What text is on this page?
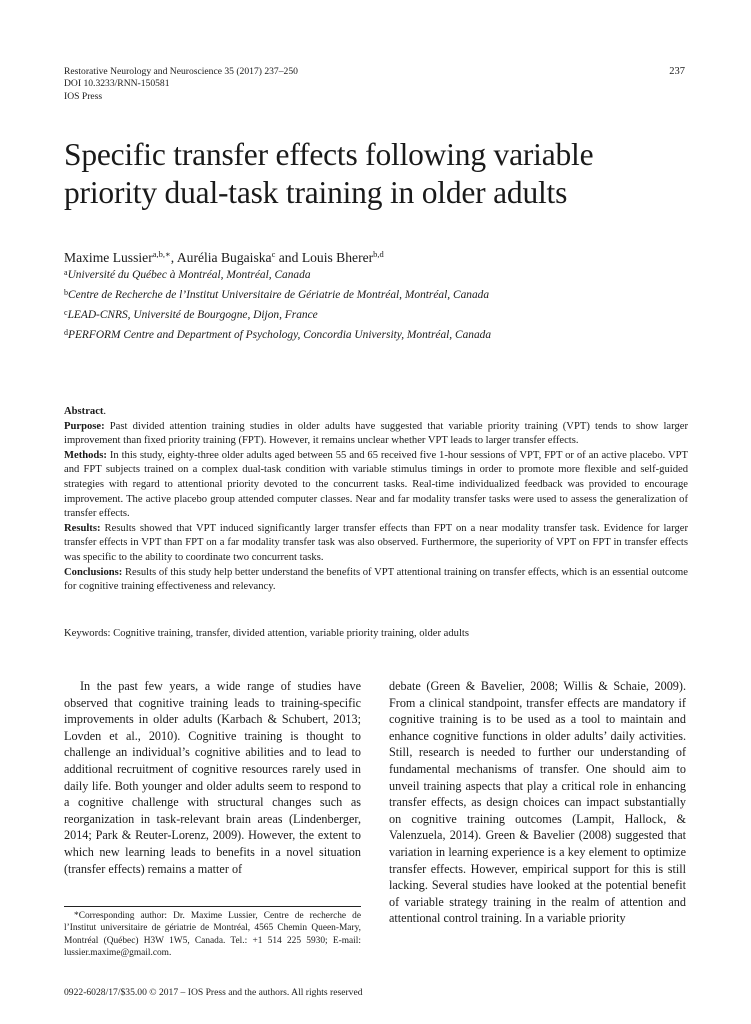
Restorative Neurology and Neuroscience 35 (2017) 237–250
DOI 10.3233/RNN-150581
IOS Press
237
Specific transfer effects following variable
priority dual-task training in older adults
Maxime Lussier$^{a,b,∗}$, Aurélia Bugaiska$^c$ and Louis Bherer$^{b,d}$
$^a$Université du Québec à Montréal, Montréal, Canada
$^b$Centre de Recherche de l’Institut Universitaire de Gériatrie de Montréal, Montréal, Canada
$^c$LEAD-CNRS, Université de Bourgogne, Dijon, France
$^d$PERFORM Centre and Department of Psychology, Concordia University, Montréal, Canada

Abstract.

Purpose: Past divided attention training studies in older adults have suggested that variable priority training (VPT) tends to show larger improvement than fixed priority training (FPT). However, it remains unclear whether VPT leads to larger transfer effects.

Methods: In this study, eighty-three older adults aged between 55 and 65 received five 1-hour sessions of VPT, FPT or of an active placebo. VPT and FPT subjects trained on a complex dual-task condition with variable stimulus timings in order to promote more flexible and self-guided strategies with regard to attentional priority devoted to the concurrent tasks. Real-time individualized feedback was provided to encourage improvement. The active placebo group attended computer classes. Near and far modality transfer tasks were used to assess the generalization of transfer effects.

Results: Results showed that VPT induced significantly larger transfer effects than FPT on a near modality transfer task. Evidence for larger transfer effects in VPT than FPT on a far modality transfer task was also observed. Furthermore, the superiority of VPT on FPT in transfer effects was specific to the ability to coordinate two concurrent tasks.

Conclusions: Results of this study help better understand the benefits of VPT attentional training on transfer effects, which is an essential outcome for cognitive training effectiveness and relevancy.

Keywords: Cognitive training, transfer, divided attention, variable priority training, older adults

In the past few years, a wide range of studies have observed that cognitive training leads to training-specific improvements in older adults (Karbach & Schubert, 2013; Lovden et al., 2010). Cognitive training is thought to challenge an individual’s cognitive abilities and to lead to additional recruitment of cognitive resources rarely used in daily life. Both younger and older adults seem to respond to a cognitive challenge with structural changes such as reorganization in task-relevant brain areas (Lindenberger, 2014; Park & Reuter-Lorenz, 2009). However, the extent to which new learning leads to benefits in a novel situation (transfer effects) remains a matter of

debate (Green & Bavelier, 2008; Willis & Schaie, 2009). From a clinical standpoint, transfer effects are mandatory if cognitive training is to be used as a tool to maintain and enhance cognitive functions in older adults’ daily activities. Still, research is needed to further our understanding of fundamental mechanisms of transfer. One should aim to unveil training aspects that play a critical role in enhancing transfer effects, as design choices can impact substantially on cognitive training outcomes (Lampit, Hallock, & Valenzuela, 2014). Green & Bavelier (2008) suggested that variation in learning experience is a key element to optimize transfer effects. However, empirical support for this is still lacking. Several studies have looked at the potential benefit of variable strategy training in the realm of attention and attentional control training. In a variable priority

*Corresponding author: Dr. Maxime Lussier, Centre de recherche de l’Institut universitaire de gériatrie de Montréal, 4565 Chemin Queen-Mary, Montréal (Québec) H3W 1W5, Canada. Tel.: +1 514 225 5930; E-mail: lussier.maxime@gmail.com.
0922-6028/17/$35.00 © 2017 – IOS Press and the authors. All rights reserved
